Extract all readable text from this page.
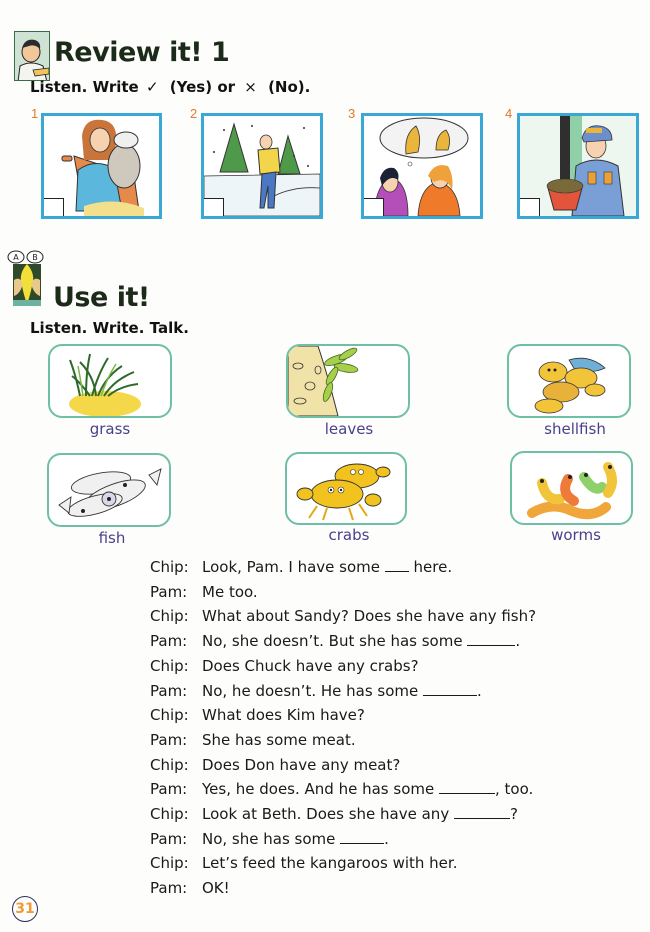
Review it! 1
Listen. Write ✓ (Yes) or × (No).
1	2	3	4
A B
Use it!
Listen. Write. Talk.
grass	leaves	shellfish
fish	crabs	worms
Chip: Look, Pam. I have some  here.
Pam: Me too.
Chip: What about Sandy? Does she have any fish?
Pam: No, she doesn’t. But she has some	.
Chip: Does Chuck have any crabs?
Pam: No, he doesn’t. He has some	.
Chip: What does Kim have?
Pam: She has some meat.
Chip: Does Don have any meat?
Pam: Yes, he does. And he has some	, too.
Chip: Look at Beth. Does she have any	?
Pam: No, she has some	.
Chip: Let’s feed the kangaroos with her.
Pam: OK!
31
